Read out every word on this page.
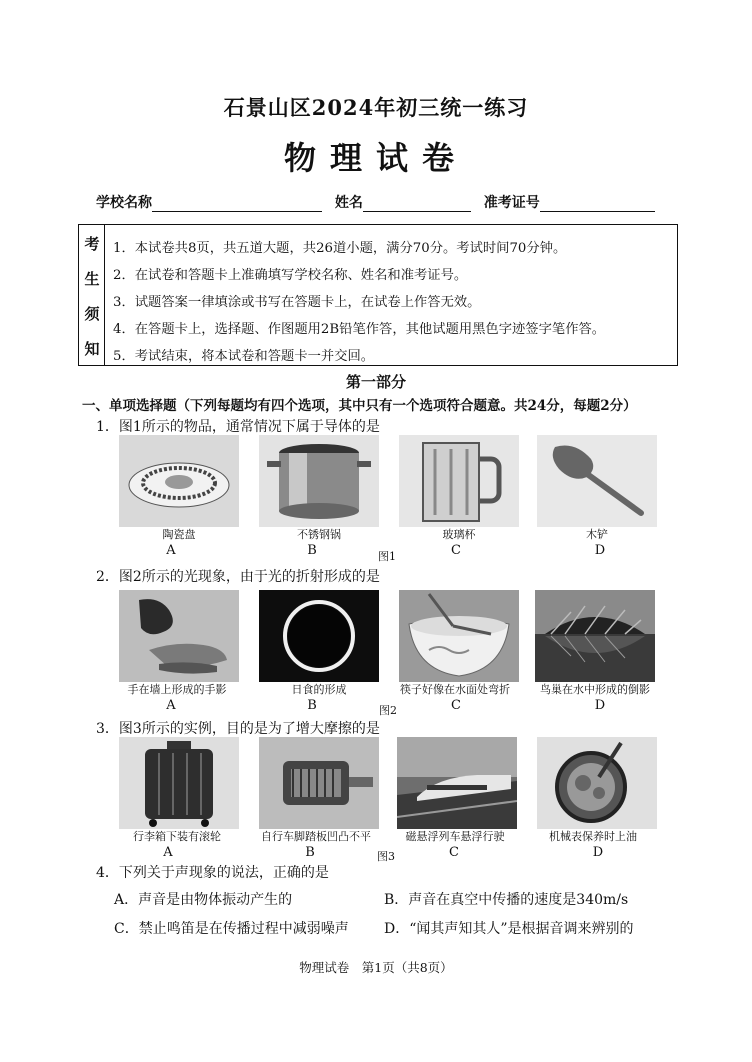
石景山区2024年初三统一练习
物理试卷
学校名称	姓名	准考证号
考
生
须
知
1．本试卷共8页，共五道大题，共26道小题，满分70分。考试时间70分钟。
2．在试卷和答题卡上准确填写学校名称、姓名和准考证号。
3．试题答案一律填涂或书写在答题卡上，在试卷上作答无效。
4．在答题卡上，选择题、作图题用2B铅笔作答，其他试题用黑色字迹签字笔作答。
5．考试结束，将本试卷和答题卡一并交回。
第一部分
一、单项选择题（下列每题均有四个选项，其中只有一个选项符合题意。共24分，每题2分）
1．图1所示的物品，通常情况下属于导体的是
陶瓷盘	不锈钢锅	玻璃杯	木铲
A	B	C	D
图1
2．图2所示的光现象，由于光的折射形成的是
手在墙上形成的手影	日食的形成	筷子好像在水面处弯折	鸟巢在水中形成的倒影
A	B	C	D
图2
3．图3所示的实例，目的是为了增大摩擦的是
行李箱下装有滚轮	自行车脚踏板凹凸不平	磁悬浮列车悬浮行驶	机械表保养时上油
A	B	C	D
图3
4．下列关于声现象的说法，正确的是
A．声音是由物体振动产生的	B．声音在真空中传播的速度是340m/s
C．禁止鸣笛是在传播过程中减弱噪声	D．“闻其声知其人”是根据音调来辨别的
物理试卷　第1页（共8页）
